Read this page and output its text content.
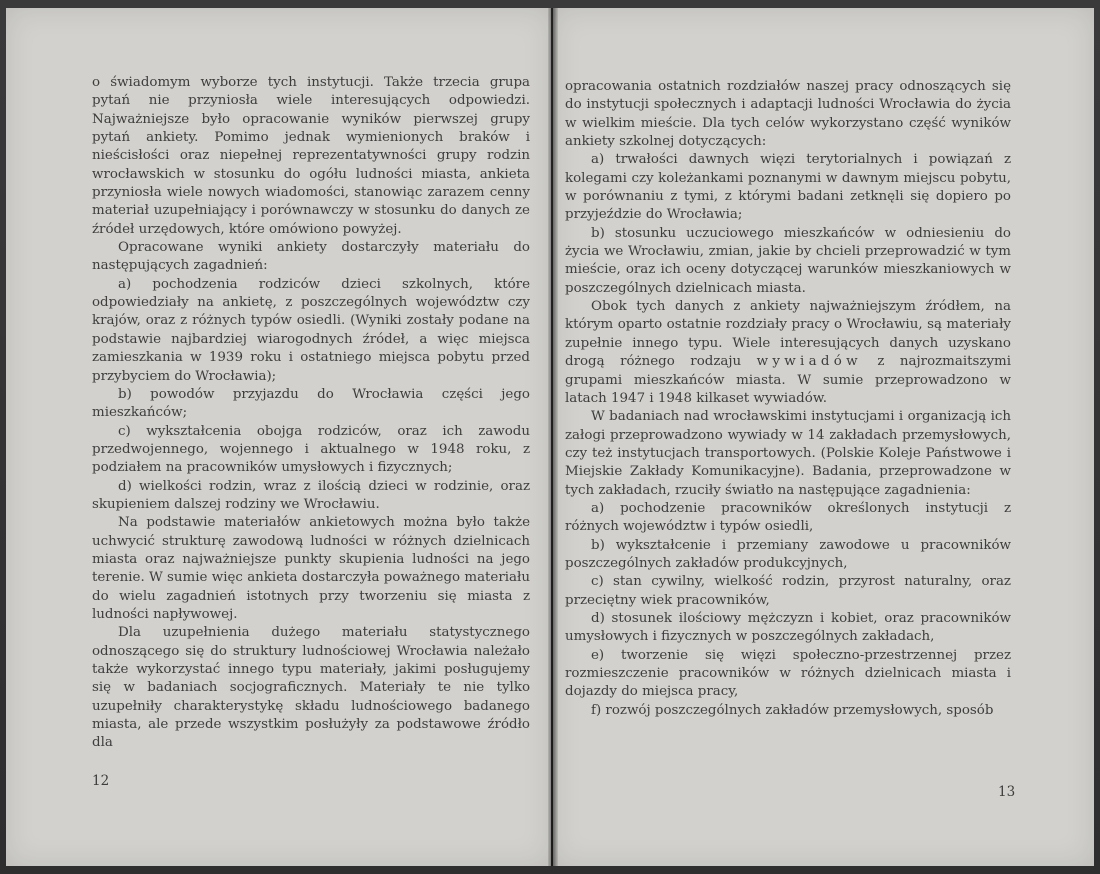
o świadomym wyborze tych instytucji. Także trzecia grupa pytań nie przyniosła wiele interesujących odpowiedzi. Najważniejsze było opracowanie wyników pierwszej grupy pytań ankiety. Pomimo jednak wymienionych braków i nieścisłości oraz niepełnej reprezentatywności grupy rodzin wrocławskich w stosunku do ogółu ludności miasta, ankieta przyniosła wiele nowych wiadomości, stanowiąc zarazem cenny materiał uzupełniający i porównawczy w stosunku do danych ze źródeł urzędowych, które omówiono powyżej.

Opracowane wyniki ankiety dostarczyły materiału do następujących zagadnień:

a) pochodzenia rodziców dzieci szkolnych, które odpowiedziały na ankietę, z poszczególnych województw czy krajów, oraz z różnych typów osiedli. (Wyniki zostały podane na podstawie najbardziej wiarogodnych źródeł, a więc miejsca zamieszkania w 1939 roku i ostatniego miejsca pobytu przed przybyciem do Wrocławia);

b) powodów przyjazdu do Wrocławia części jego mieszkańców;

c) wykształcenia obojga rodziców, oraz ich zawodu przedwojennego, wojennego i aktualnego w 1948 roku, z podziałem na pracowników umysłowych i fizycznych;

d) wielkości rodzin, wraz z ilością dzieci w rodzinie, oraz skupieniem dalszej rodziny we Wrocławiu.

Na podstawie materiałów ankietowych można było także uchwycić strukturę zawodową ludności w różnych dzielnicach miasta oraz najważniejsze punkty skupienia ludności na jego terenie. W sumie więc ankieta dostarczyła poważnego materiału do wielu zagadnień istotnych przy tworzeniu się miasta z ludności napływowej.

Dla uzupełnienia dużego materiału statystycznego odnoszącego się do struktury ludnościowej Wrocławia należało także wykorzystać innego typu materiały, jakimi posługujemy się w badaniach socjograficznych. Materiały te nie tylko uzupełniły charakterystykę składu ludnościowego badanego miasta, ale przede wszystkim posłużyły za podstawowe źródło dla

12

opracowania ostatnich rozdziałów naszej pracy odnoszących się do instytucji społecznych i adaptacji ludności Wrocławia do życia w wielkim mieście. Dla tych celów wykorzystano część wyników ankiety szkolnej dotyczących:

a) trwałości dawnych więzi terytorialnych i powiązań z kolegami czy koleżankami poznanymi w dawnym miejscu pobytu, w porównaniu z tymi, z którymi badani zetknęli się dopiero po przyjeździe do Wrocławia;

b) stosunku uczuciowego mieszkańców w odniesieniu do życia we Wrocławiu, zmian, jakie by chcieli przeprowadzić w tym mieście, oraz ich oceny dotyczącej warunków mieszkaniowych w poszczególnych dzielnicach miasta.

Obok tych danych z ankiety najważniejszym źródłem, na którym oparto ostatnie rozdziały pracy o Wrocławiu, są materiały zupełnie innego typu. Wiele interesujących danych uzyskano drogą różnego rodzaju wywiadów z najrozmaitszymi grupami mieszkańców miasta. W sumie przeprowadzono w latach 1947 i 1948 kilkaset wywiadów.

W badaniach nad wrocławskimi instytucjami i organizacją ich załogi przeprowadzono wywiady w 14 zakładach przemysłowych, czy też instytucjach transportowych. (Polskie Koleje Państwowe i Miejskie Zakłady Komunikacyjne). Badania, przeprowadzone w tych zakładach, rzuciły światło na następujące zagadnienia:

a) pochodzenie pracowników określonych instytucji z różnych województw i typów osiedli,

b) wykształcenie i przemiany zawodowe u pracowników poszczególnych zakładów produkcyjnych,

c) stan cywilny, wielkość rodzin, przyrost naturalny, oraz przeciętny wiek pracowników,

d) stosunek ilościowy mężczyzn i kobiet, oraz pracowników umysłowych i fizycznych w poszczególnych zakładach,

e) tworzenie się więzi społeczno-przestrzennej przez rozmieszczenie pracowników w różnych dzielnicach miasta i dojazdy do miejsca pracy,

f) rozwój poszczególnych zakładów przemysłowych, sposób

13
